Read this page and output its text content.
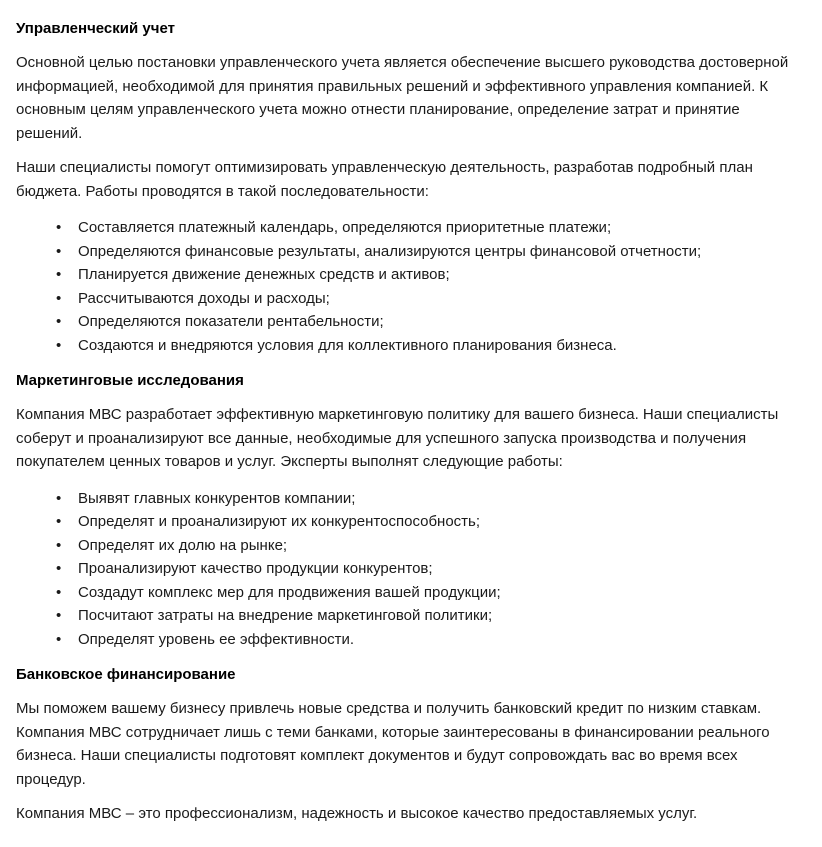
Управленческий учет

Основной целью постановки управленческого учета является обеспечение высшего руководства достоверной информацией, необходимой для принятия правильных решений и эффективного управления компанией. К основным целям управленческого учета можно отнести планирование, определение затрат и принятие решений.

Наши специалисты помогут оптимизировать управленческую деятельность, разработав подробный план бюджета. Работы проводятся в такой последовательности:

• Составляется платежный календарь, определяются приоритетные платежи;
• Определяются финансовые результаты, анализируются центры финансовой отчетности;
• Планируется движение денежных средств и активов;
• Рассчитываются доходы и расходы;
• Определяются показатели рентабельности;
• Создаются и внедряются условия для коллективного планирования бизнеса.
Маркетинговые исследования

Компания МВС разработает эффективную маркетинговую политику для вашего бизнеса. Наши специалисты соберут и проанализируют все данные, необходимые для успешного запуска производства и получения покупателем ценных товаров и услуг. Эксперты выполнят следующие работы:

• Выявят главных конкурентов компании;
• Определят и проанализируют их конкурентоспособность;
• Определят их долю на рынке;
• Проанализируют качество продукции конкурентов;
• Создадут комплекс мер для продвижения вашей продукции;
• Посчитают затраты на внедрение маркетинговой политики;
• Определят уровень ее эффективности.
Банковское финансирование

Мы поможем вашему бизнесу привлечь новые средства и получить банковский кредит по низким ставкам. Компания МВС сотрудничает лишь с теми банками, которые заинтересованы в финансировании реального бизнеса. Наши специалисты подготовят комплект документов и будут сопровождать вас во время всех процедур.

Компания МВС – это профессионализм, надежность и высокое качество предоставляемых услуг.
